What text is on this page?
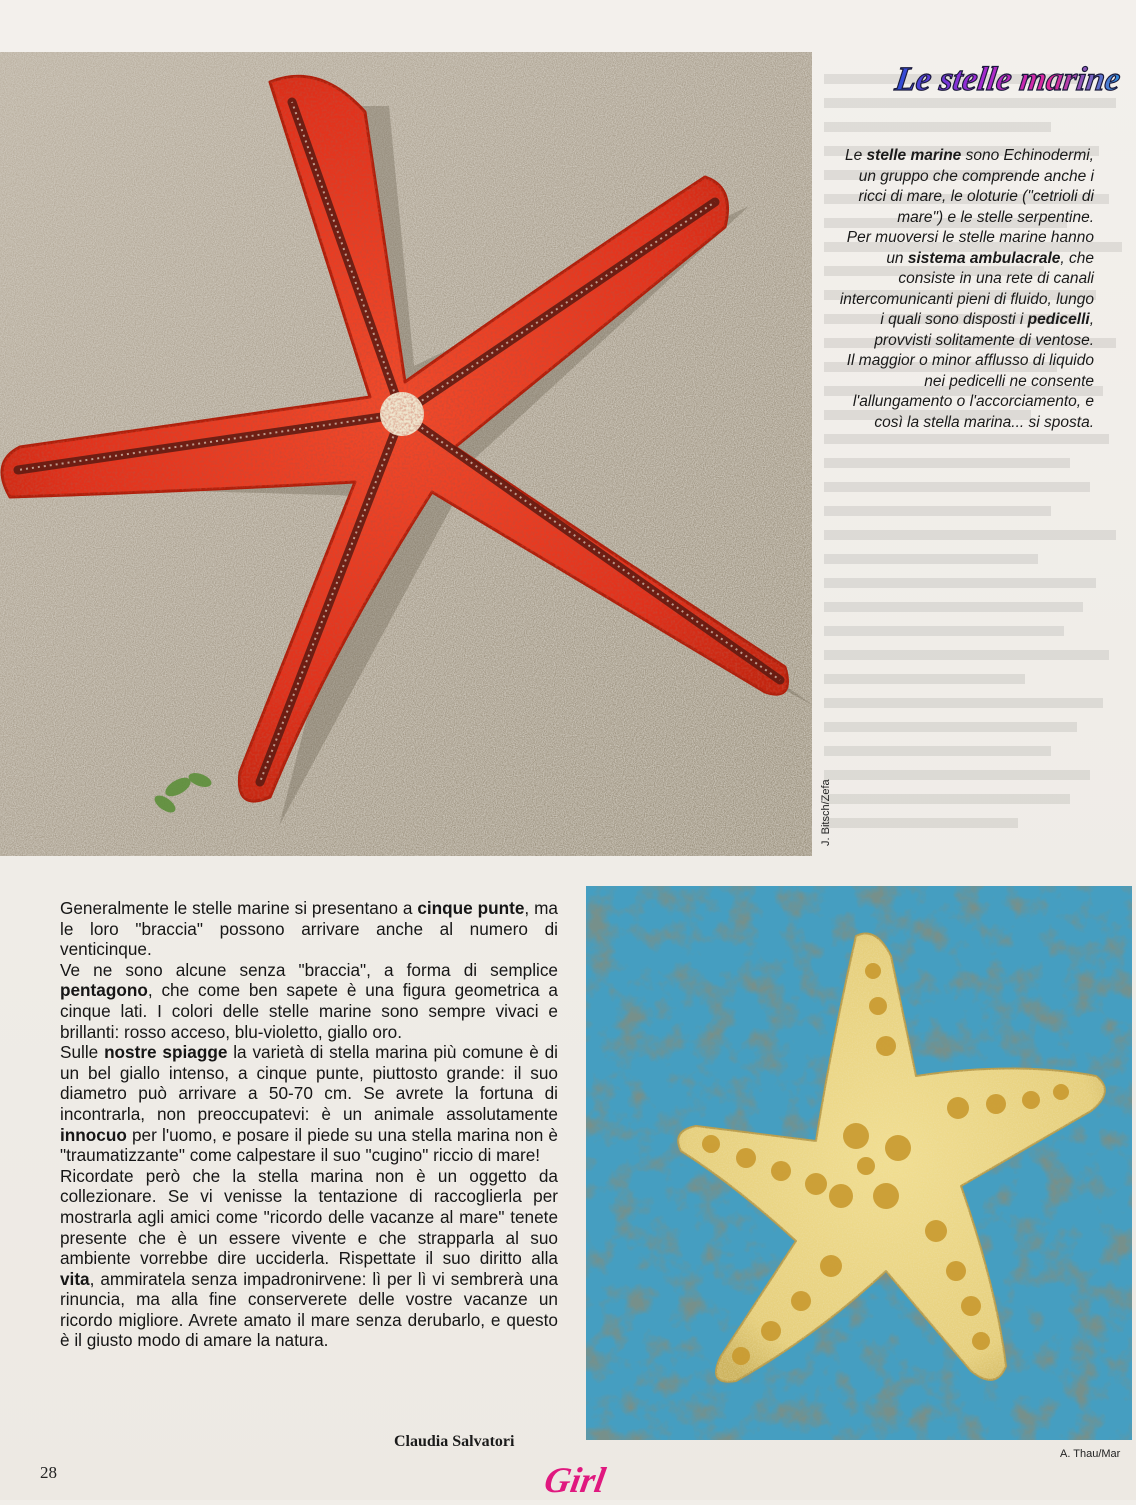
J. Bitsch/Zefa
Le stelle marine

Le stelle marine sono Echinodermi, un gruppo che comprende anche i ricci di mare, le oloturie ("cetrioli di mare") e le stelle serpentine.

Per muoversi le stelle marine hanno un sistema ambulacrale, che consiste in una rete di canali intercomunicanti pieni di fluido, lungo i quali sono disposti i pedicelli, provvisti solitamente di ventose.

Il maggior o minor afflusso di liquido nei pedicelli ne consente l'allungamento o l'accorciamento, e così la stella marina... si sposta.

Generalmente le stelle marine si presentano a cinque punte, ma le loro "braccia" possono arrivare anche al numero di venticinque.

Ve ne sono alcune senza "braccia", a forma di semplice pentagono, che come ben sapete è una figura geometrica a cinque lati. I colori delle stelle marine sono sempre vivaci e brillanti: rosso acceso, blu-violetto, giallo oro.

Sulle nostre spiagge la varietà di stella marina più comune è di un bel giallo intenso, a cinque punte, piuttosto grande: il suo diametro può arrivare a 50-70 cm. Se avrete la fortuna di incontrarla, non preoccupatevi: è un animale assolutamente innocuo per l'uomo, e posare il piede su una stella marina non è "traumatizzante" come calpestare il suo "cugino" riccio di mare!

Ricordate però che la stella marina non è un oggetto da collezionare. Se vi venisse la tentazione di raccoglierla per mostrarla agli amici come "ricordo delle vacanze al mare" tenete presente che è un essere vivente e che strapparla al suo ambiente vorrebbe dire ucciderla. Rispettate il suo diritto alla vita, ammiratela senza impadronirvene: lì per lì vi sembrerà una rinuncia, ma alla fine conserverete delle vostre vacanze un ricordo migliore. Avrete amato il mare senza derubarlo, e questo è il giusto modo di amare la natura.

Claudia Salvatori
A. Thau/Mar
28	Girl
